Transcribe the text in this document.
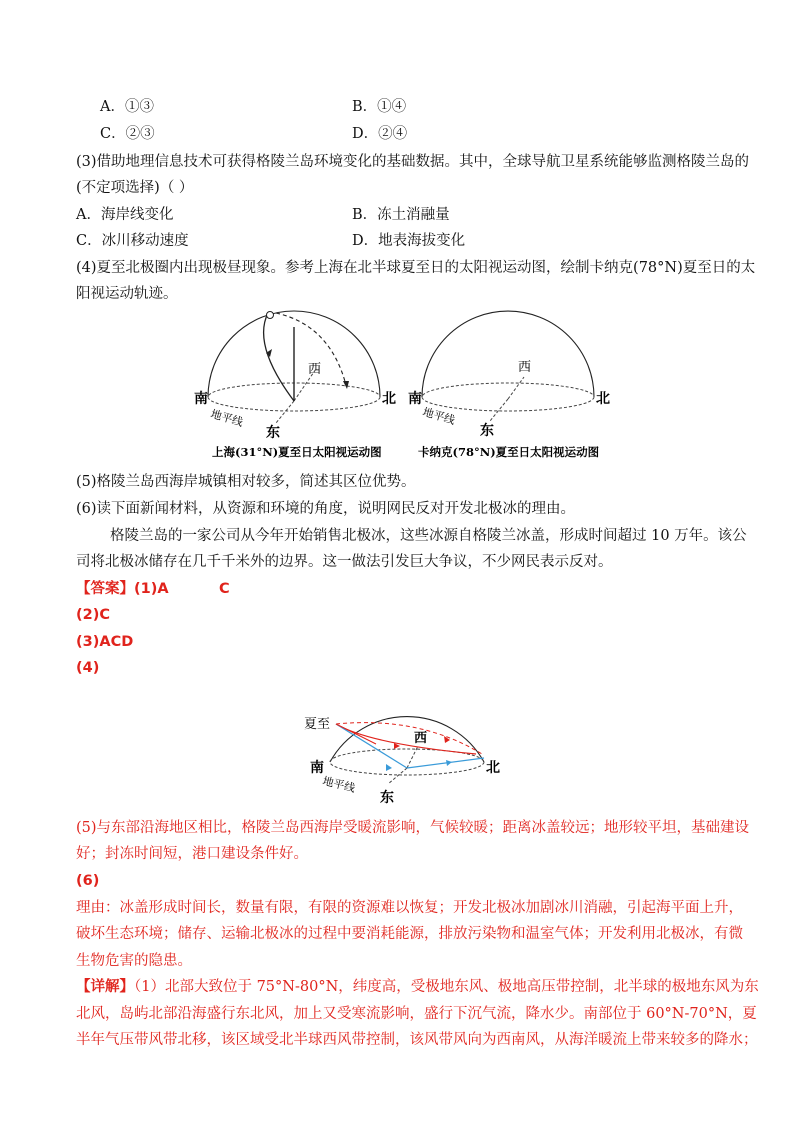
A．①③	B．①④
C．②③	D．②④
(3)借助地理信息技术可获得格陵兰岛环境变化的基础数据。其中，全球导航卫星系统能够监测格陵兰岛的
(不定项选择)（ ）
A．海岸线变化	B．冻土消融量
C．冰川移动速度	D．地表海拔变化
(4)夏至北极圈内出现极昼现象。参考上海在北半球夏至日的太阳视运动图，绘制卡纳克(78°N)夏至日的太
阳视运动轨迹。
南	北
西
东
地平线
上海(31°N)夏至日太阳视运动图
南	北
西
东
地平线
卡纳克(78°N)夏至日太阳视运动图
(5)格陵兰岛西海岸城镇相对较多，简述其区位优势。
(6)读下面新闻材料，从资源和环境的角度，说明网民反对开发北极冰的理由。
格陵兰岛的一家公司从今年开始销售北极冰，这些冰源自格陵兰冰盖，形成时间超过 10 万年。该公
司将北极冰储存在几千千米外的边界。这一做法引发巨大争议，不少网民表示反对。
【答案】(1)A          C
(2)C
(3)ACD
(4)
夏至
南	北
西
东
地平线
(5)与东部沿海地区相比，格陵兰岛西海岸受暖流影响，气候较暖；距离冰盖较远；地形较平坦，基础建设
好；封冻时间短，港口建设条件好。
(6)
理由：冰盖形成时间长，数量有限，有限的资源难以恢复；开发北极冰加剧冰川消融，引起海平面上升，
破坏生态环境；储存、运输北极冰的过程中要消耗能源，排放污染物和温室气体；开发利用北极冰，有微
生物危害的隐患。
【详解】（1）北部大致位于 75°N-80°N，纬度高，受极地东风、极地高压带控制，北半球的极地东风为东
北风，岛屿北部沿海盛行东北风，加上又受寒流影响，盛行下沉气流，降水少。南部位于 60°N-70°N，夏
半年气压带风带北移，该区域受北半球西风带控制，该风带风向为西南风，从海洋暖流上带来较多的降水；
